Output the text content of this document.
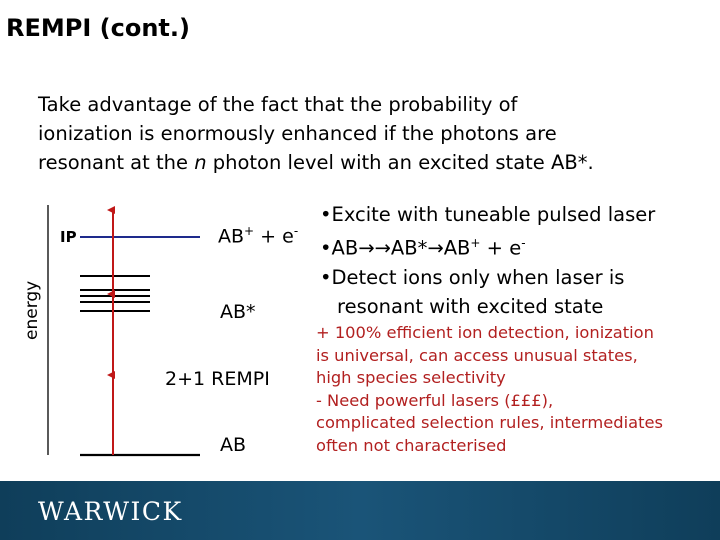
REMPI (cont.)
Take advantage of the fact that the probability of
ionization is enormously enhanced if the photons are
resonant at the n photon level with an excited state AB*.
energy
IP	AB+ + e-
AB*
2+1 REMPI
AB
•Excite with tuneable pulsed laser
•AB→→AB*→AB+ + e-
•Detect ions only when laser is
resonant with excited state
+ 100% efficient ion detection, ionization
is universal, can access unusual states,
high species selectivity
- Need powerful lasers (£££),
complicated selection rules, intermediates
often not characterised
WARWICK
